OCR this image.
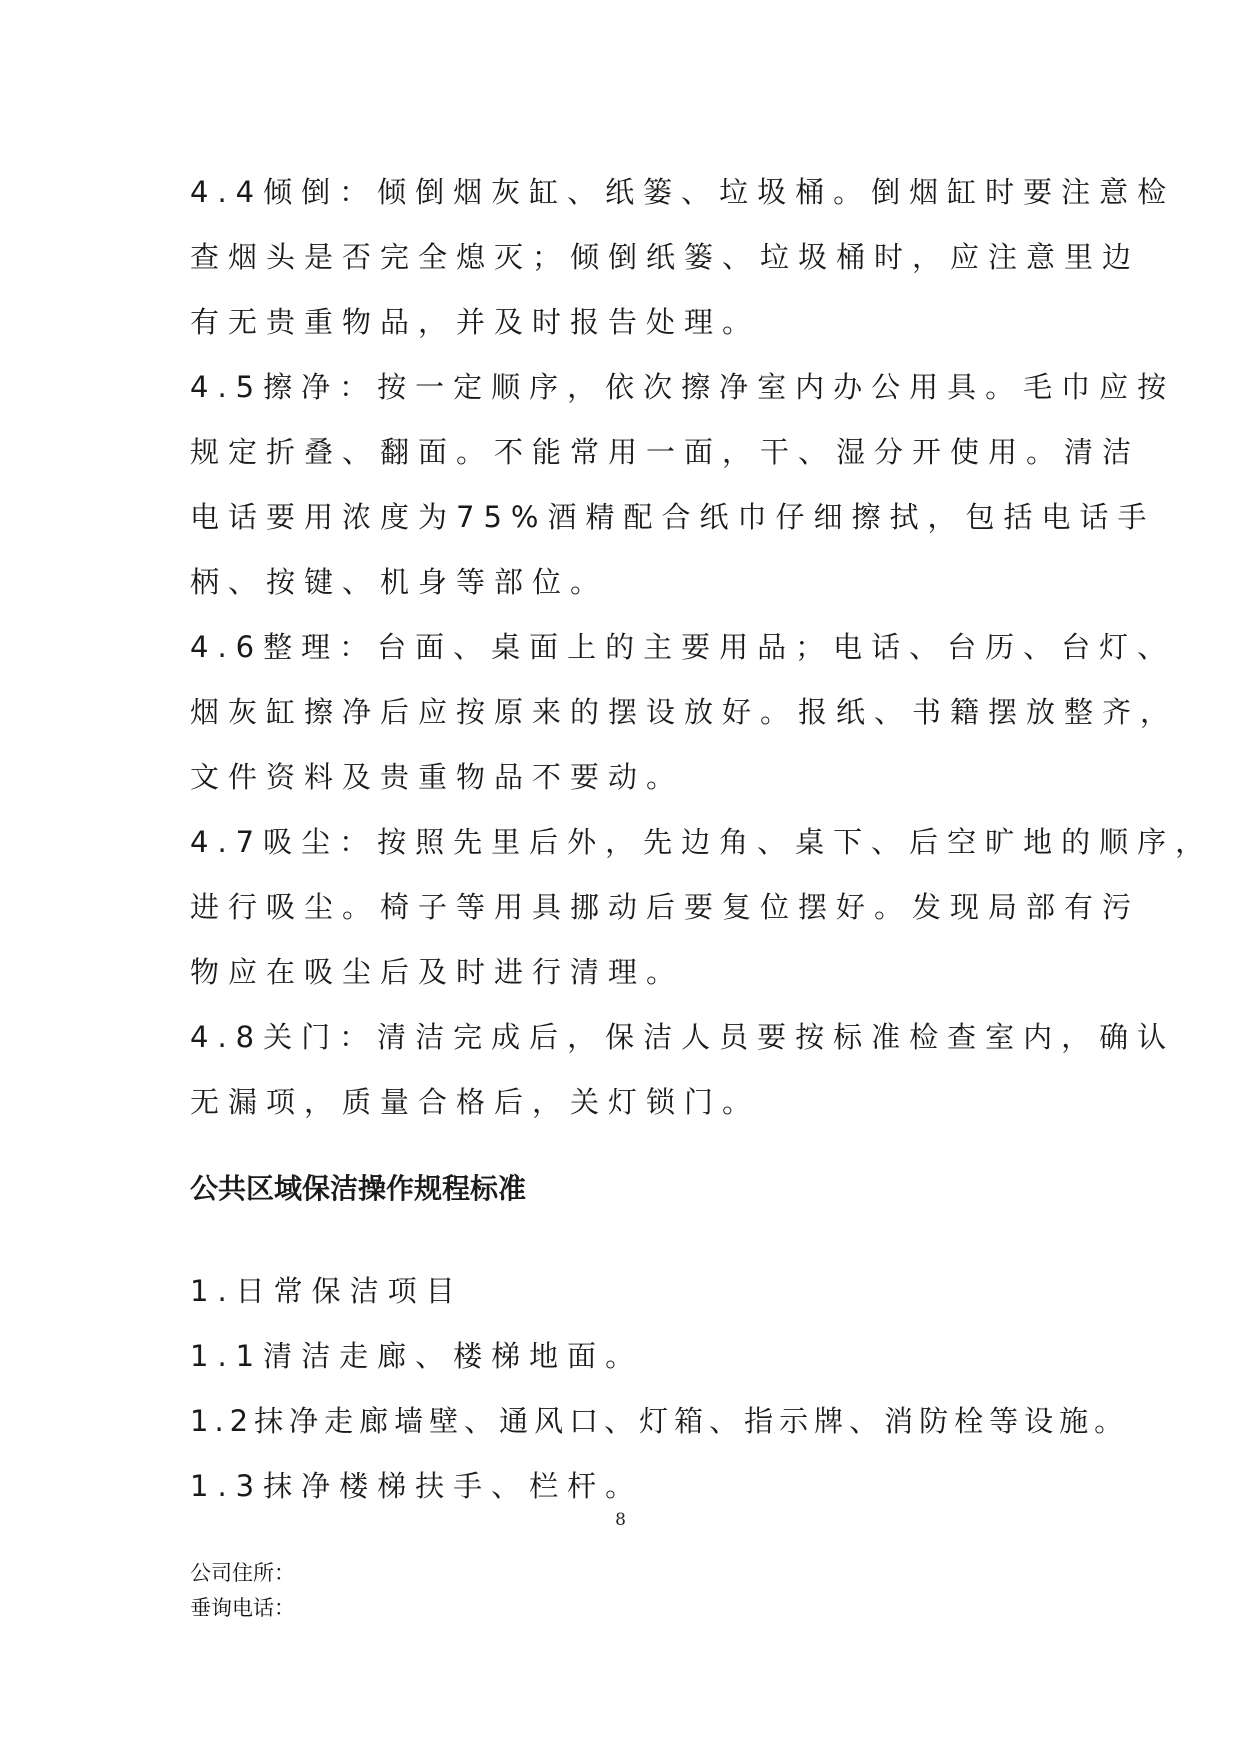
4.4倾倒：倾倒烟灰缸、纸篓、垃圾桶。倒烟缸时要注意检
查烟头是否完全熄灭；倾倒纸篓、垃圾桶时，应注意里边
有无贵重物品，并及时报告处理。
4.5擦净：按一定顺序，依次擦净室内办公用具。毛巾应按
规定折叠、翻面。不能常用一面，干、湿分开使用。清洁
电话要用浓度为75%酒精配合纸巾仔细擦拭，包括电话手
柄、按键、机身等部位。
4.6整理：台面、桌面上的主要用品；电话、台历、台灯、
烟灰缸擦净后应按原来的摆设放好。报纸、书籍摆放整齐，
文件资料及贵重物品不要动。
4.7吸尘：按照先里后外，先边角、桌下、后空旷地的顺序，
进行吸尘。椅子等用具挪动后要复位摆好。发现局部有污
物应在吸尘后及时进行清理。
4.8关门：清洁完成后，保洁人员要按标准检查室内，确认
无漏项，质量合格后，关灯锁门。
公共区域保洁操作规程标准
1.日常保洁项目
1.1清洁走廊、楼梯地面。
1.2抹净走廊墙壁、通风口、灯箱、指示牌、消防栓等设施。
1.3抹净楼梯扶手、栏杆。
8
公司住所：
垂询电话：
